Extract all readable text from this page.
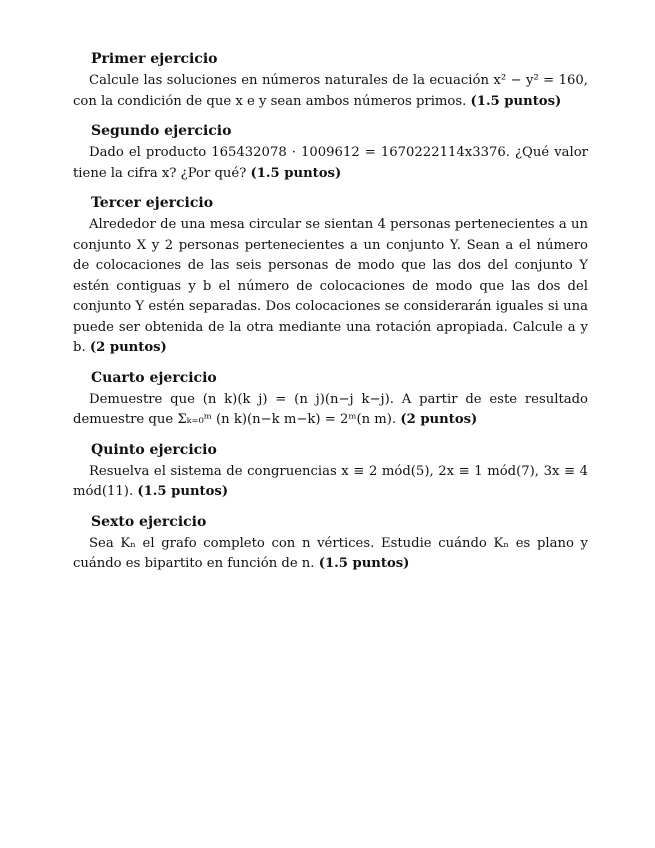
Primer ejercicio

Calcule las soluciones en números naturales de la ecuación x² − y² = 160, con la condición de que x e y sean ambos números primos. (1.5 puntos)

Segundo ejercicio

Dado el producto 165432078 · 1009612 = 1670222114x3376. ¿Qué valor tiene la cifra x? ¿Por qué? (1.5 puntos)

Tercer ejercicio

Alrededor de una mesa circular se sientan 4 personas pertenecientes a un conjunto X y 2 personas pertenecientes a un conjunto Y. Sean a el número de colocaciones de las seis personas de modo que las dos del conjunto Y estén contiguas y b el número de colocaciones de modo que las dos del conjunto Y estén separadas. Dos colocaciones se considerarán iguales si una puede ser obtenida de la otra mediante una rotación apropiada. Calcule a y b. (2 puntos)

Cuarto ejercicio

Demuestre que (n k)(k j) = (n j)(n−j k−j). A partir de este resultado demuestre que Σₖ₌₀ᵐ (n k)(n−k m−k) = 2ᵐ(n m). (2 puntos)

Quinto ejercicio

Resuelva el sistema de congruencias x ≡ 2 mód(5), 2x ≡ 1 mód(7), 3x ≡ 4 mód(11). (1.5 puntos)

Sexto ejercicio

Sea Kₙ el grafo completo con n vértices. Estudie cuándo Kₙ es plano y cuándo es bipartito en función de n. (1.5 puntos)
